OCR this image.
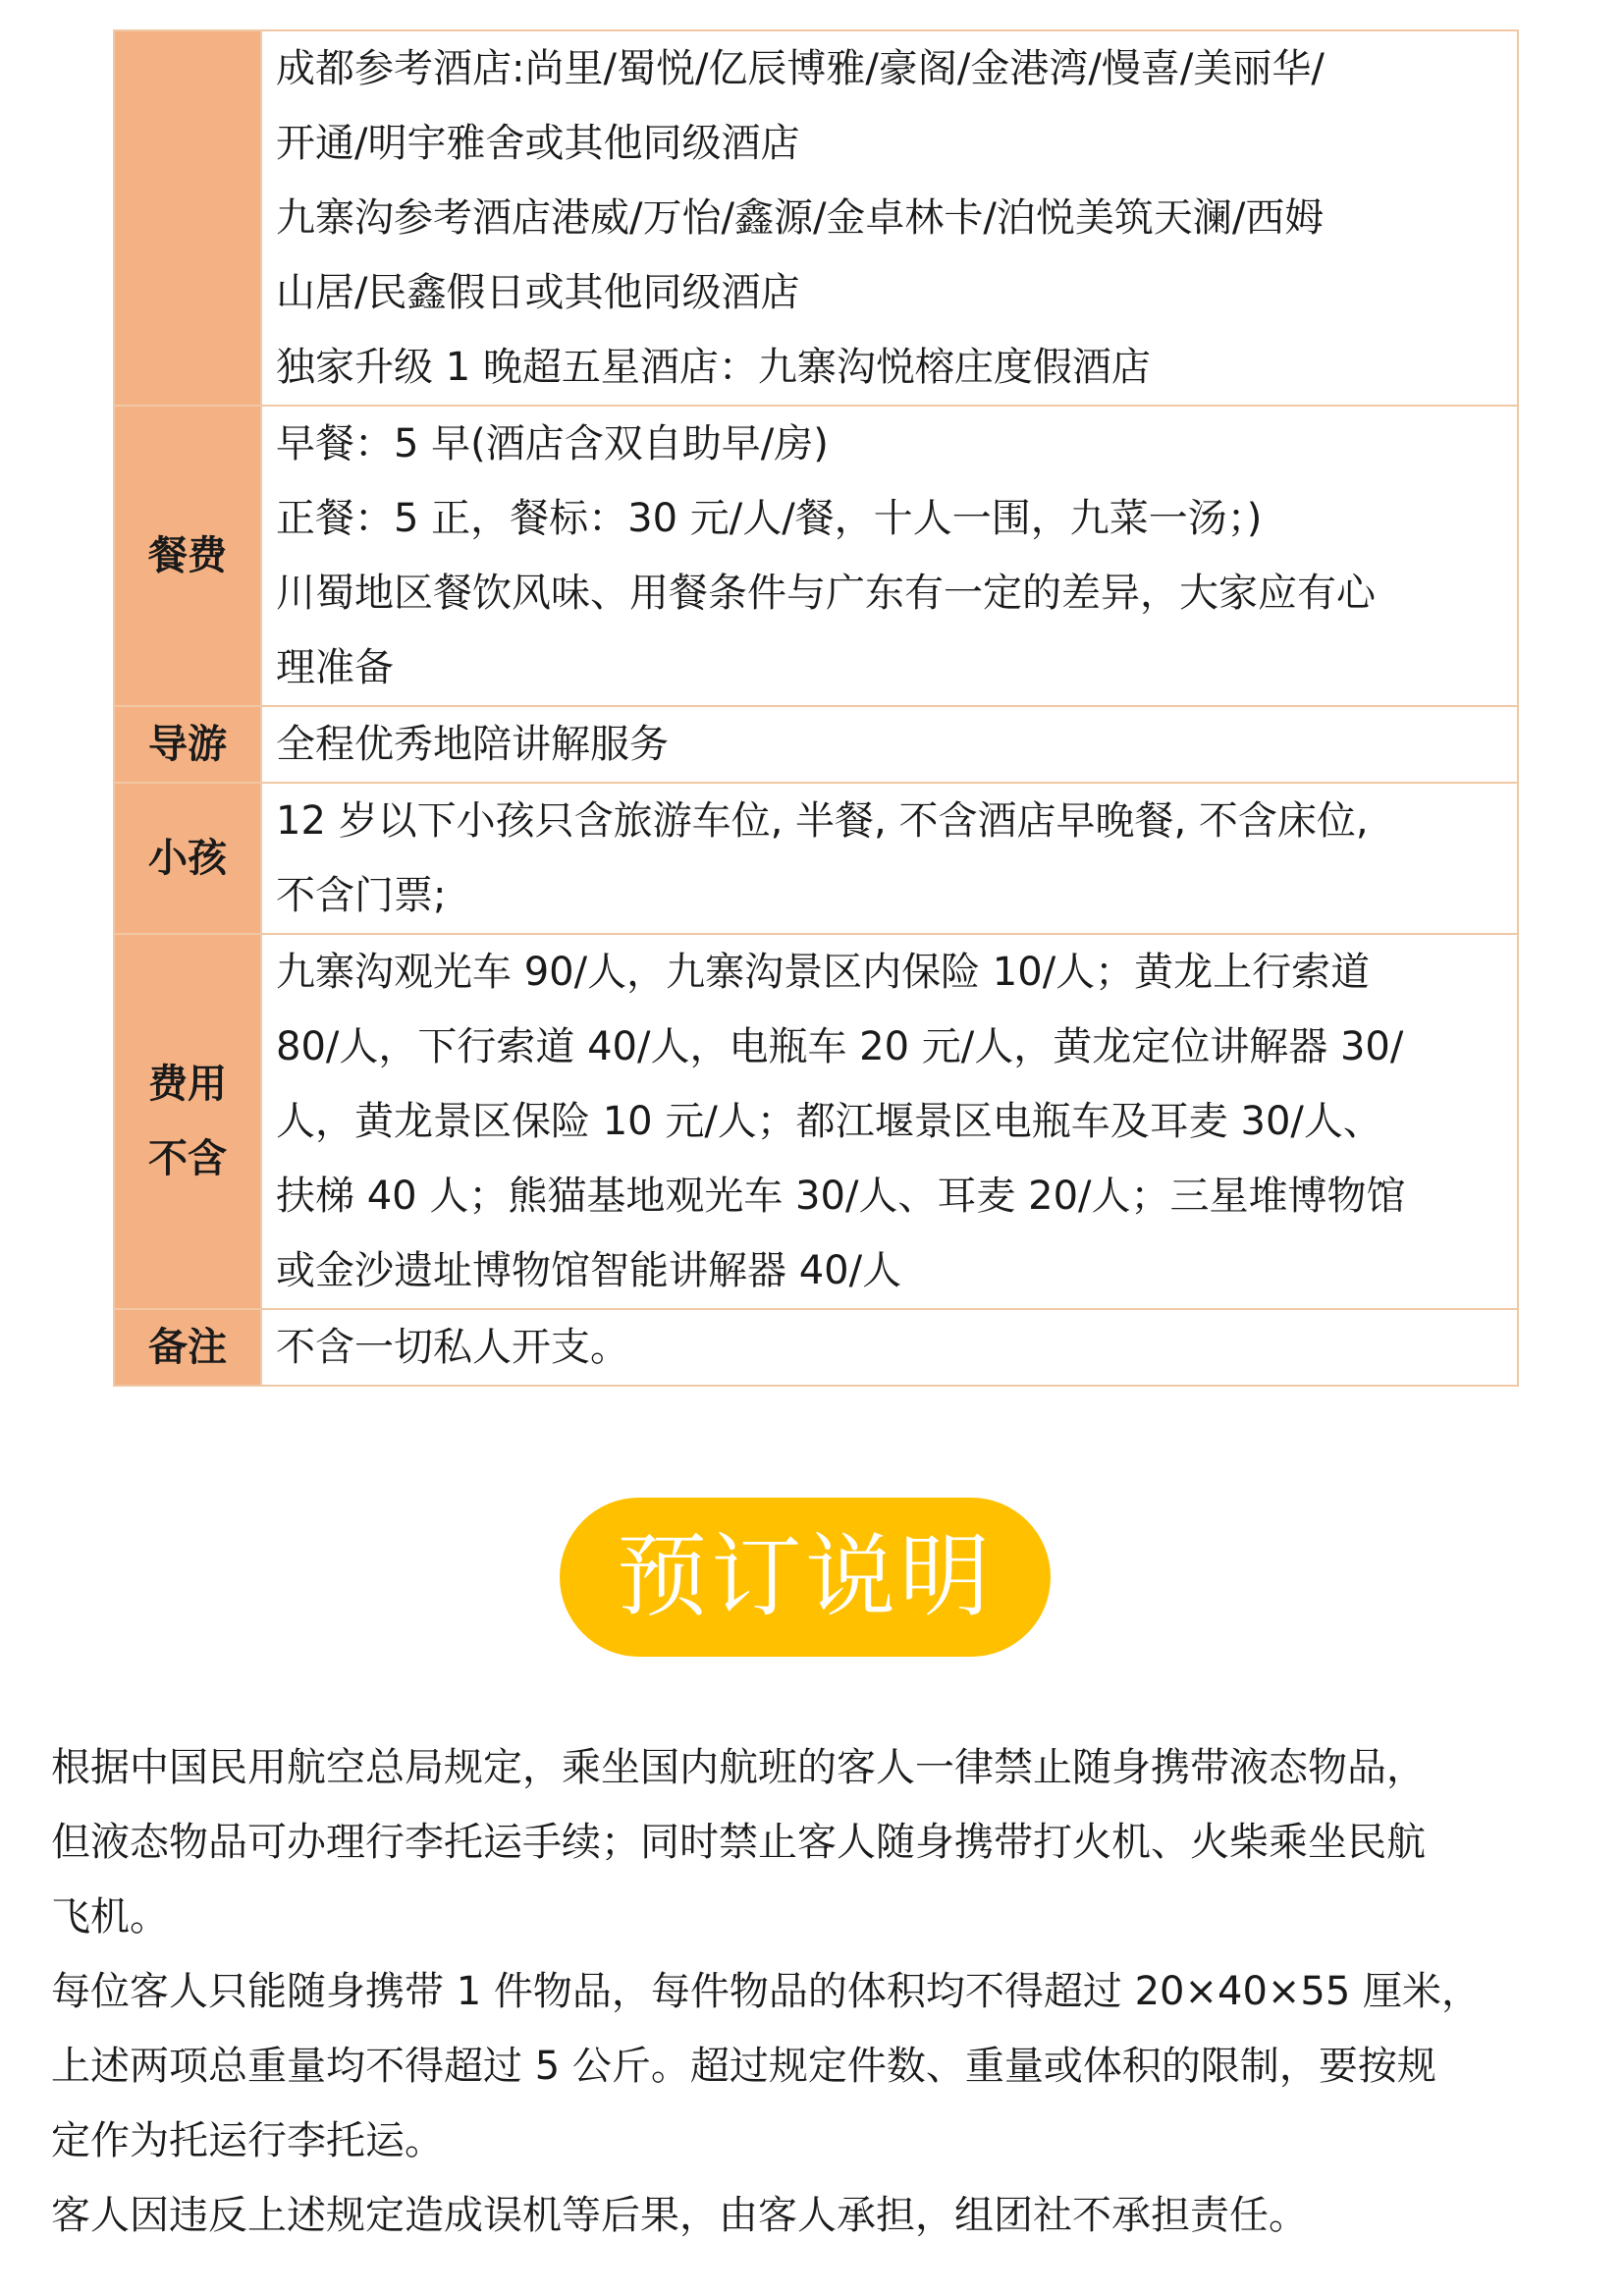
	成都参考酒店:尚里/蜀悦/亿辰博雅/豪阁/金港湾/慢喜/美丽华/
开通/明宇雅舍或其他同级酒店
九寨沟参考酒店港威/万怡/鑫源/金卓林卡/泊悦美筑天澜/西姆
山居/民鑫假日或其他同级酒店
独家升级 1 晚超五星酒店：九寨沟悦榕庄度假酒店

餐费	早餐：5 早(酒店含双自助早/房)
正餐：5 正，餐标：30 元/人/餐，十人一围，九菜一汤；)
川蜀地区餐饮风味、用餐条件与广东有一定的差异，大家应有心
理准备

导游	全程优秀地陪讲解服务

小孩	12 岁以下小孩只含旅游车位, 半餐, 不含酒店早晚餐, 不含床位,
不含门票;

费用
不含	九寨沟观光车 90/人，九寨沟景区内保险 10/人；黄龙上行索道
80/人，下行索道 40/人，电瓶车 20 元/人，黄龙定位讲解器 30/
人，黄龙景区保险 10 元/人；都江堰景区电瓶车及耳麦 30/人、
扶梯 40 人；熊猫基地观光车 30/人、耳麦 20/人；三星堆博物馆
或金沙遗址博物馆智能讲解器 40/人

备注	不含一切私人开支。
预订说明
根据中国民用航空总局规定，乘坐国内航班的客人一律禁止随身携带液态物品，
但液态物品可办理行李托运手续；同时禁止客人随身携带打火机、火柴乘坐民航
飞机。
每位客人只能随身携带 1 件物品，每件物品的体积均不得超过 20×40×55 厘米，
上述两项总重量均不得超过 5 公斤。超过规定件数、重量或体积的限制，要按规
定作为托运行李托运。
客人因违反上述规定造成误机等后果，由客人承担，组团社不承担责任。
